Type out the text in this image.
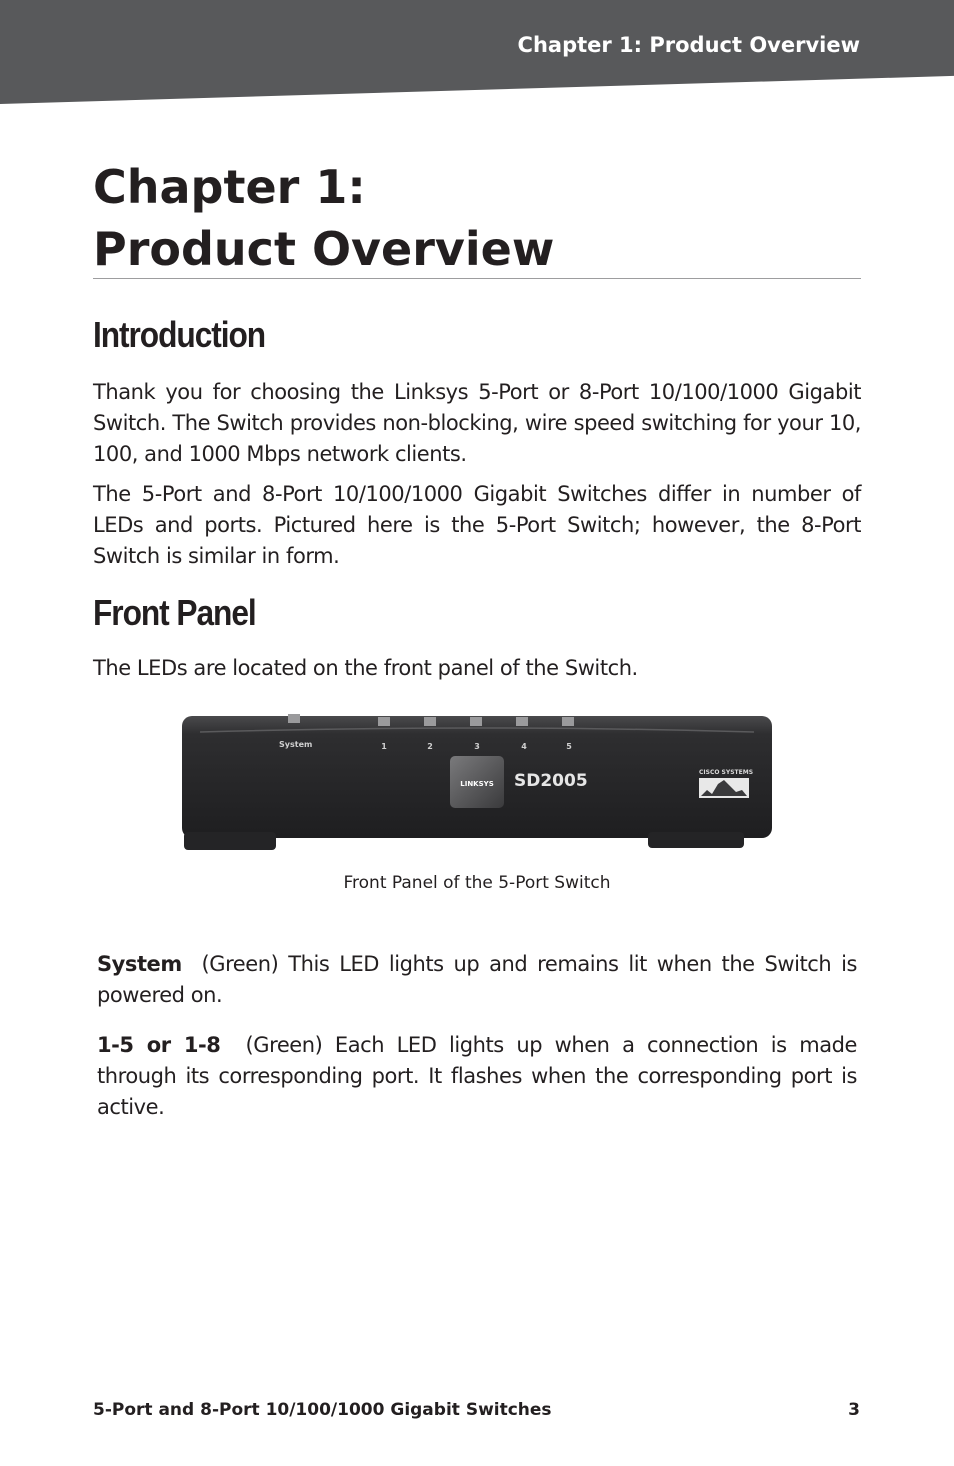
Chapter 1: Product Overview
Chapter 1:
Product Overview
Introduction

Thank you for choosing the Linksys 5-Port or 8-Port 10/100/1000 Gigabit Switch. The Switch provides non-blocking, wire speed switching for your 10, 100, and 1000 Mbps network clients.

The 5-Port and 8-Port 10/100/1000 Gigabit Switches differ in number of LEDs and ports. Pictured here is the 5-Port Switch; however, the 8-Port Switch is similar in form.

Front Panel

The LEDs are located on the front panel of the Switch.

System	1	2	3	4	5
LINKSYS SD2005	CISCO SYSTEMS
Front Panel of the 5-Port Switch

System (Green) This LED lights up and remains lit when the Switch is powered on.

1-5 or 1-8 (Green) Each LED lights up when a connection is made through its corresponding port. It flashes when the corresponding port is active.

5-Port and 8-Port 10/100/1000 Gigabit Switches	3
